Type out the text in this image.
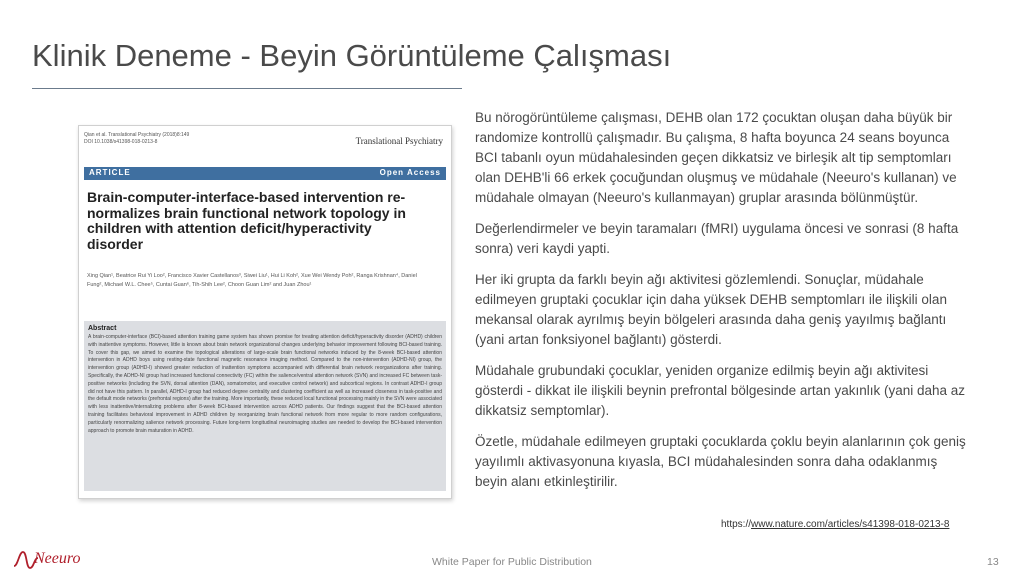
Klinik Deneme - Beyin Görüntüleme Çalışması
Qian et al. Translational Psychiatry (2018)8:149
DOI 10.1038/s41398-018-0213-8	Translational Psychiatry
ARTICLE	Open Access
Brain-computer-interface-based intervention re-normalizes brain functional network topology in children with attention deficit/hyperactivity disorder
Xing Qian¹, Beatrice Rui Yi Loo², Francisco Xavier Castellanos³, Siwei Liu¹, Hui Li Koh², Xue Wei Wendy Poh², Ranga Krishnan⁴, Daniel Fung², Michael W.L. Chee⁵, Cuntai Guan⁶, Tih-Shih Lee², Choon Guan Lim² and Juan Zhou¹
Abstract
A brain-computer-interface (BCI)-based attention training game system has shown promise for treating attention deficit/hyperactivity disorder (ADHD) children with inattentive symptoms. However, little is known about brain network organizational changes underlying behavior improvement following BCI-based training. To cover this gap, we aimed to examine the topological alterations of large-scale brain functional networks induced by the 8-week BCI-based attention intervention in ADHD boys using resting-state functional magnetic resonance imaging method. Compared to the non-intervention (ADHD-NI) group, the intervention group (ADHD-I) showed greater reduction of inattention symptoms accompanied with differential brain network reorganizations after training. Specifically, the ADHD-NI group had increased functional connectivity (FC) within the salience/ventral attention network (SVN) and increased FC between task-positive networks (including the SVN, dorsal attention (DAN), somatomotor, and executive control network) and subcortical regions. In contrast ADHD-I group did not have this pattern. In parallel, ADHD-I group had reduced degree centrality and clustering coefficient as well as increased closeness in task-positive and the default mode networks (prefrontal regions) after the training. More importantly, these reduced local functional processing mainly in the SVN were associated with less inattentive/internalizing problems after 8-week BCI-based intervention across ADHD patients. Our findings suggest that the BCI-based attention training facilitates behavioral improvement in ADHD children by reorganizing brain functional network from more regular to more random configurations, particularly renormalizing salience network processing. Future long-term longitudinal neuroimaging studies are needed to develop the BCI-based intervention approach to promote brain maturation in ADHD.

Bu nörogörüntüleme çalışması, DEHB olan 172 çocuktan oluşan daha büyük bir randomize kontrollü çalışmadır. Bu çalışma, 8 hafta boyunca 24 seans boyunca BCI tabanlı oyun müdahalesinden geçen dikkatsiz ve birleşik alt tip semptomları olan DEHB'li 66 erkek çocuğundan oluşmuş ve müdahale (Neeuro's kullanan) ve müdahale olmayan (Neeuro's kullanmayan) gruplar arasında bölünmüştür.

Değerlendirmeler ve beyin taramaları (fMRI) uygulama öncesi ve sonrasi (8 hafta sonra) veri kaydi yapti.

Her iki grupta da farklı beyin ağı aktivitesi gözlemlendi. Sonuçlar, müdahale edilmeyen gruptaki çocuklar için daha yüksek DEHB semptomları ile ilişkili olan mekansal olarak ayrılmış beyin bölgeleri arasında daha geniş yayılmış bağlantı (yani artan fonksiyonel bağlantı) gösterdi.

Müdahale grubundaki çocuklar, yeniden organize edilmiş beyin ağı aktivitesi gösterdi - dikkat ile ilişkili beynin prefrontal bölgesinde artan yakınlık (yani daha az dikkatsiz semptomlar).

Özetle, müdahale edilmeyen gruptaki çocuklarda çoklu beyin alanlarının çok geniş yayılımlı aktivasyonuna kıyasla, BCI müdahalesinden sonra daha odaklanmış beyin alanı etkinleştirilir.

https://www.nature.com/articles/s41398-018-0213-8
Neeuro	White Paper for Public Distribution	13
